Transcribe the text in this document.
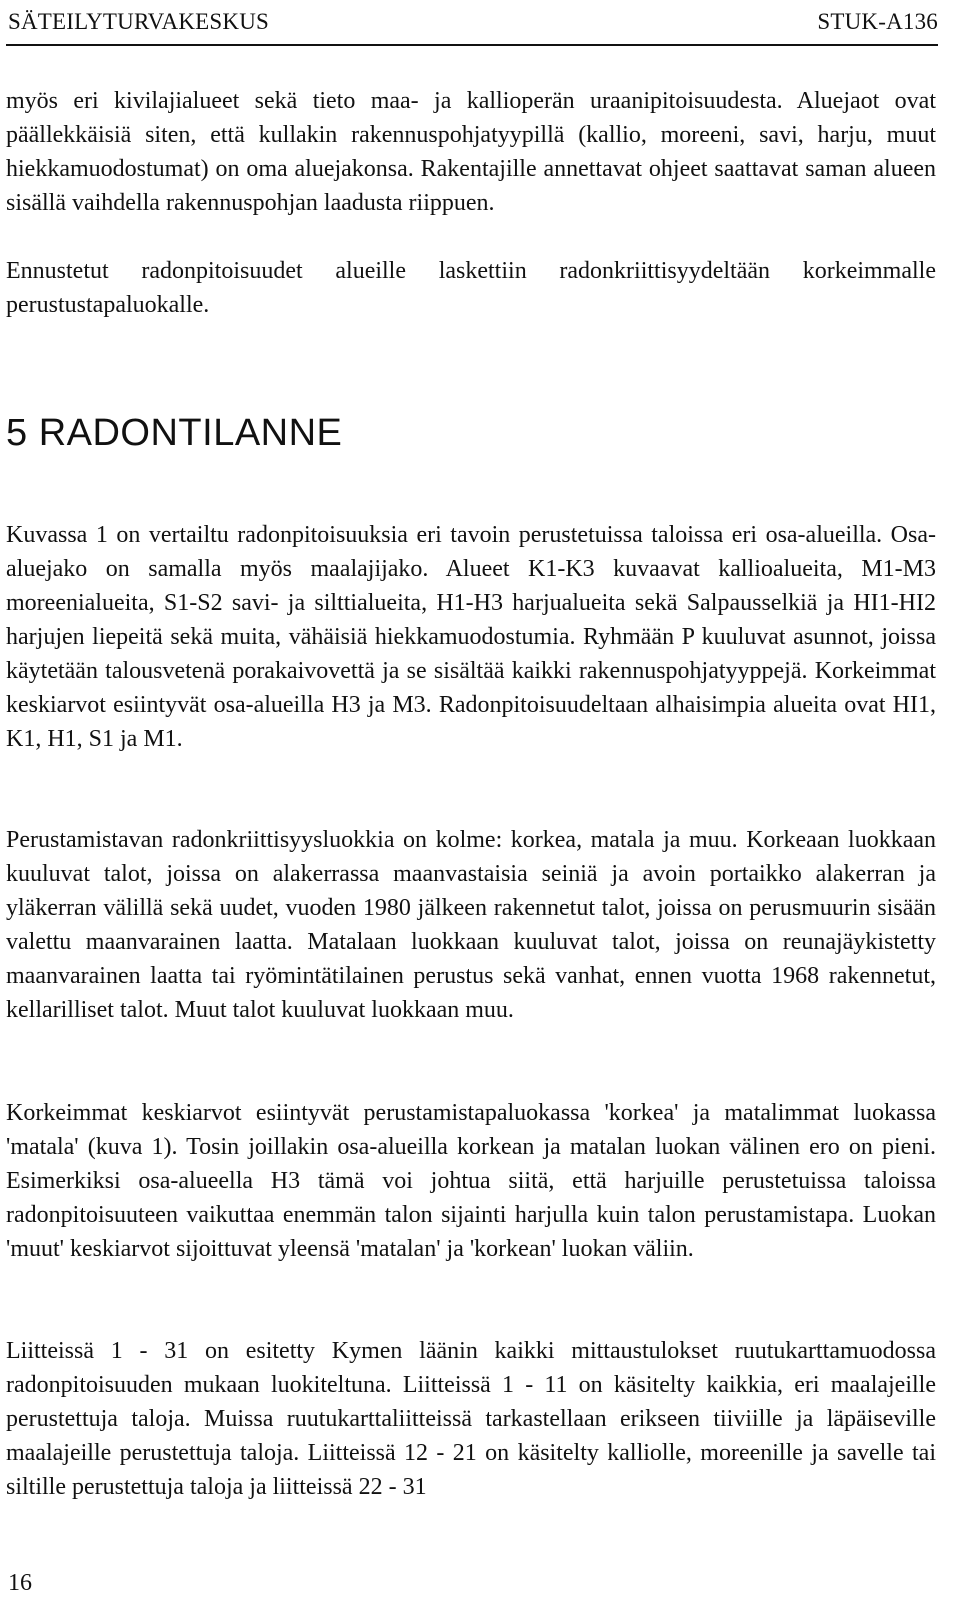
SÄTEILYTURVAKESKUS	STUK-A136

myös eri kivilajialueet sekä tieto maa- ja kallioperän uraanipitoisuudesta. Aluejaot ovat päällekkäisiä siten, että kullakin rakennuspohjatyypillä (kallio, moreeni, savi, harju, muut hiekkamuodostumat) on oma aluejakonsa. Rakentajille annettavat ohjeet saattavat saman alueen sisällä vaihdella rakennuspohjan laadusta riippuen.

Ennustetut radonpitoisuudet alueille laskettiin radonkriittisyydeltään korkeimmalle perustustapaluokalle.

5 RADONTILANNE

Kuvassa 1 on vertailtu radonpitoisuuksia eri tavoin perustetuissa taloissa eri osa-alueilla. Osa-aluejako on samalla myös maalajijako. Alueet K1-K3 kuvaavat kallioalueita, M1-M3 moreenialueita, S1-S2 savi- ja silttialueita, H1-H3 harjualueita sekä Salpausselkiä ja HI1-HI2 harjujen liepeitä sekä muita, vähäisiä hiekkamuodostumia. Ryhmään P kuuluvat asunnot, joissa käytetään talousvetenä porakaivovettä ja se sisältää kaikki rakennuspohjatyyppejä. Korkeimmat keskiarvot esiintyvät osa-alueilla H3 ja M3. Radonpitoisuudeltaan alhaisimpia alueita ovat HI1, K1, H1, S1 ja M1.

Perustamistavan radonkriittisyysluokkia on kolme: korkea, matala ja muu. Korkeaan luokkaan kuuluvat talot, joissa on alakerrassa maanvastaisia seiniä ja avoin portaikko alakerran ja yläkerran välillä sekä uudet, vuoden 1980 jälkeen rakennetut talot, joissa on perusmuurin sisään valettu maanvarainen laatta. Matalaan luokkaan kuuluvat talot, joissa on reunajäykistetty maanvarainen laatta tai ryömintätilainen perustus sekä vanhat, ennen vuotta 1968 rakennetut, kellarilliset talot. Muut talot kuuluvat luokkaan muu.

Korkeimmat keskiarvot esiintyvät perustamistapaluokassa 'korkea' ja matalimmat luokassa 'matala' (kuva 1). Tosin joillakin osa-alueilla korkean ja matalan luokan välinen ero on pieni. Esimerkiksi osa-alueella H3 tämä voi johtua siitä, että harjuille perustetuissa taloissa radonpitoisuuteen vaikuttaa enemmän talon sijainti harjulla kuin talon perustamistapa. Luokan 'muut' keskiarvot sijoittuvat yleensä 'matalan' ja 'korkean' luokan väliin.

Liitteissä 1 - 31 on esitetty Kymen läänin kaikki mittaustulokset ruutukarttamuodossa radonpitoisuuden mukaan luokiteltuna. Liitteissä 1 - 11 on käsitelty kaikkia, eri maalajeille perustettuja taloja. Muissa ruutukarttaliitteissä tarkastellaan erikseen tiiviille ja läpäiseville maalajeille perustettuja taloja. Liitteissä 12 - 21 on käsitelty kalliolle, moreenille ja savelle tai siltille perustettuja taloja ja liitteissä 22 - 31

16
